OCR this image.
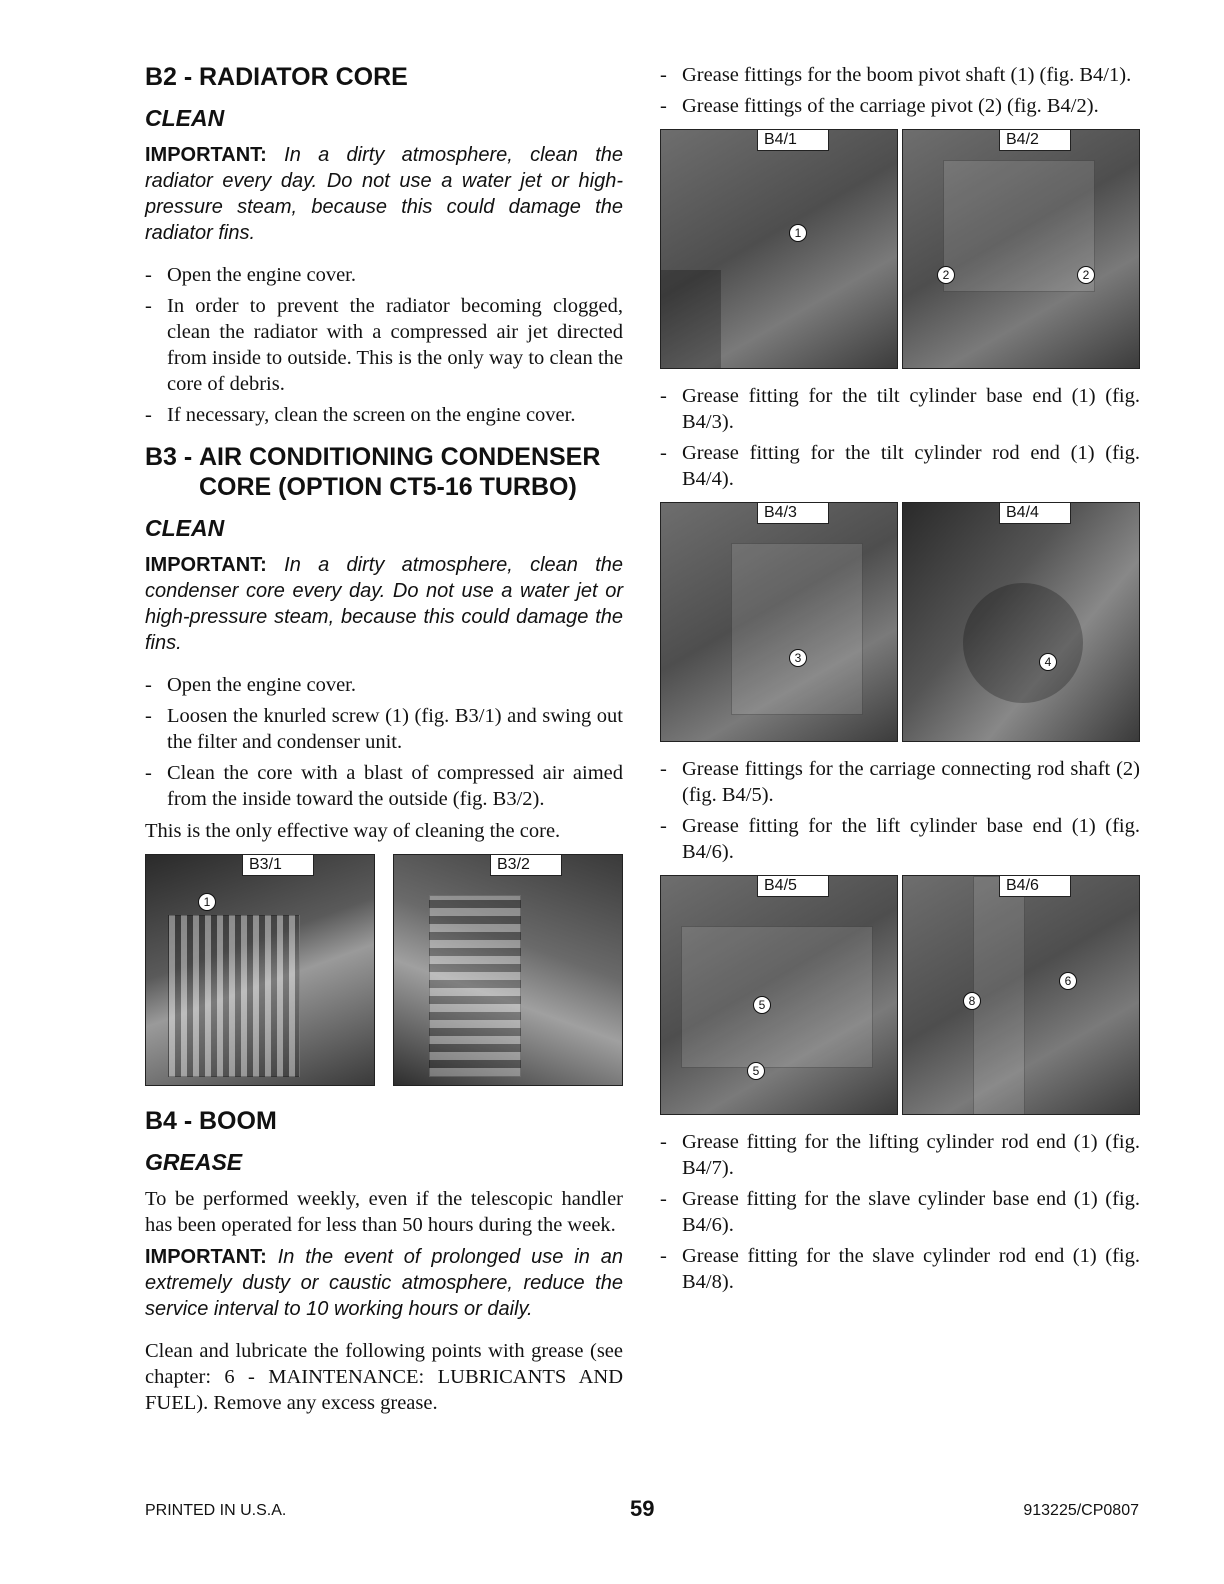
B2 - RADIATOR CORE
CLEAN

IMPORTANT: In a dirty atmosphere, clean the radiator every day. Do not use a water jet or high-pressure steam, because this could damage the radiator fins.

- Open the engine cover.
- In order to prevent the radiator becoming clogged, clean the radiator with a compressed air jet directed from inside to outside. This is the only way to clean the core of debris.
- If necessary, clean the screen on the engine cover.
B3 - AIR CONDITIONING CONDENSER CORE (OPTION CT5-16 TURBO)
CLEAN

IMPORTANT: In a dirty atmosphere, clean the condenser core every day. Do not use a water jet or high-pressure steam, because this could damage the fins.

- Open the engine cover.
- Loosen the knurled screw (1) (fig. B3/1) and swing out the filter and condenser unit.
- Clean the core with a blast of compressed air aimed from the inside toward the outside (fig. B3/2).

This is the only effective way of cleaning the core.

B3/1
1
B3/2
B4 - BOOM
GREASE

To be performed weekly, even if the telescopic handler has been operated for less than 50 hours during the week.

IMPORTANT: In the event of prolonged use in an extremely dusty or caustic atmosphere, reduce the service interval to 10 working hours or daily.

Clean and lubricate the following points with grease (see chapter: 6 - MAINTENANCE: LUBRICANTS AND FUEL). Remove any excess grease.

- Grease fittings for the boom pivot shaft (1) (fig. B4/1).
- Grease fittings of the carriage pivot (2) (fig. B4/2).
B4/1
1
B4/2
2	2
- Grease fitting for the tilt cylinder base end (1) (fig. B4/3).
- Grease fitting for the tilt cylinder rod end (1) (fig. B4/4).
B4/3
3
B4/4
4
- Grease fittings for the carriage connecting rod shaft (2) (fig. B4/5).
- Grease fitting for the lift cylinder base end (1) (fig. B4/6).
B4/5
5
5
B4/6
6
8
- Grease fitting for the lifting cylinder rod end (1) (fig. B4/7).
- Grease fitting for the slave cylinder base end (1) (fig. B4/6).
- Grease fitting for the slave cylinder rod end (1) (fig. B4/8).
PRINTED IN U.S.A.	59	913225/CP0807
